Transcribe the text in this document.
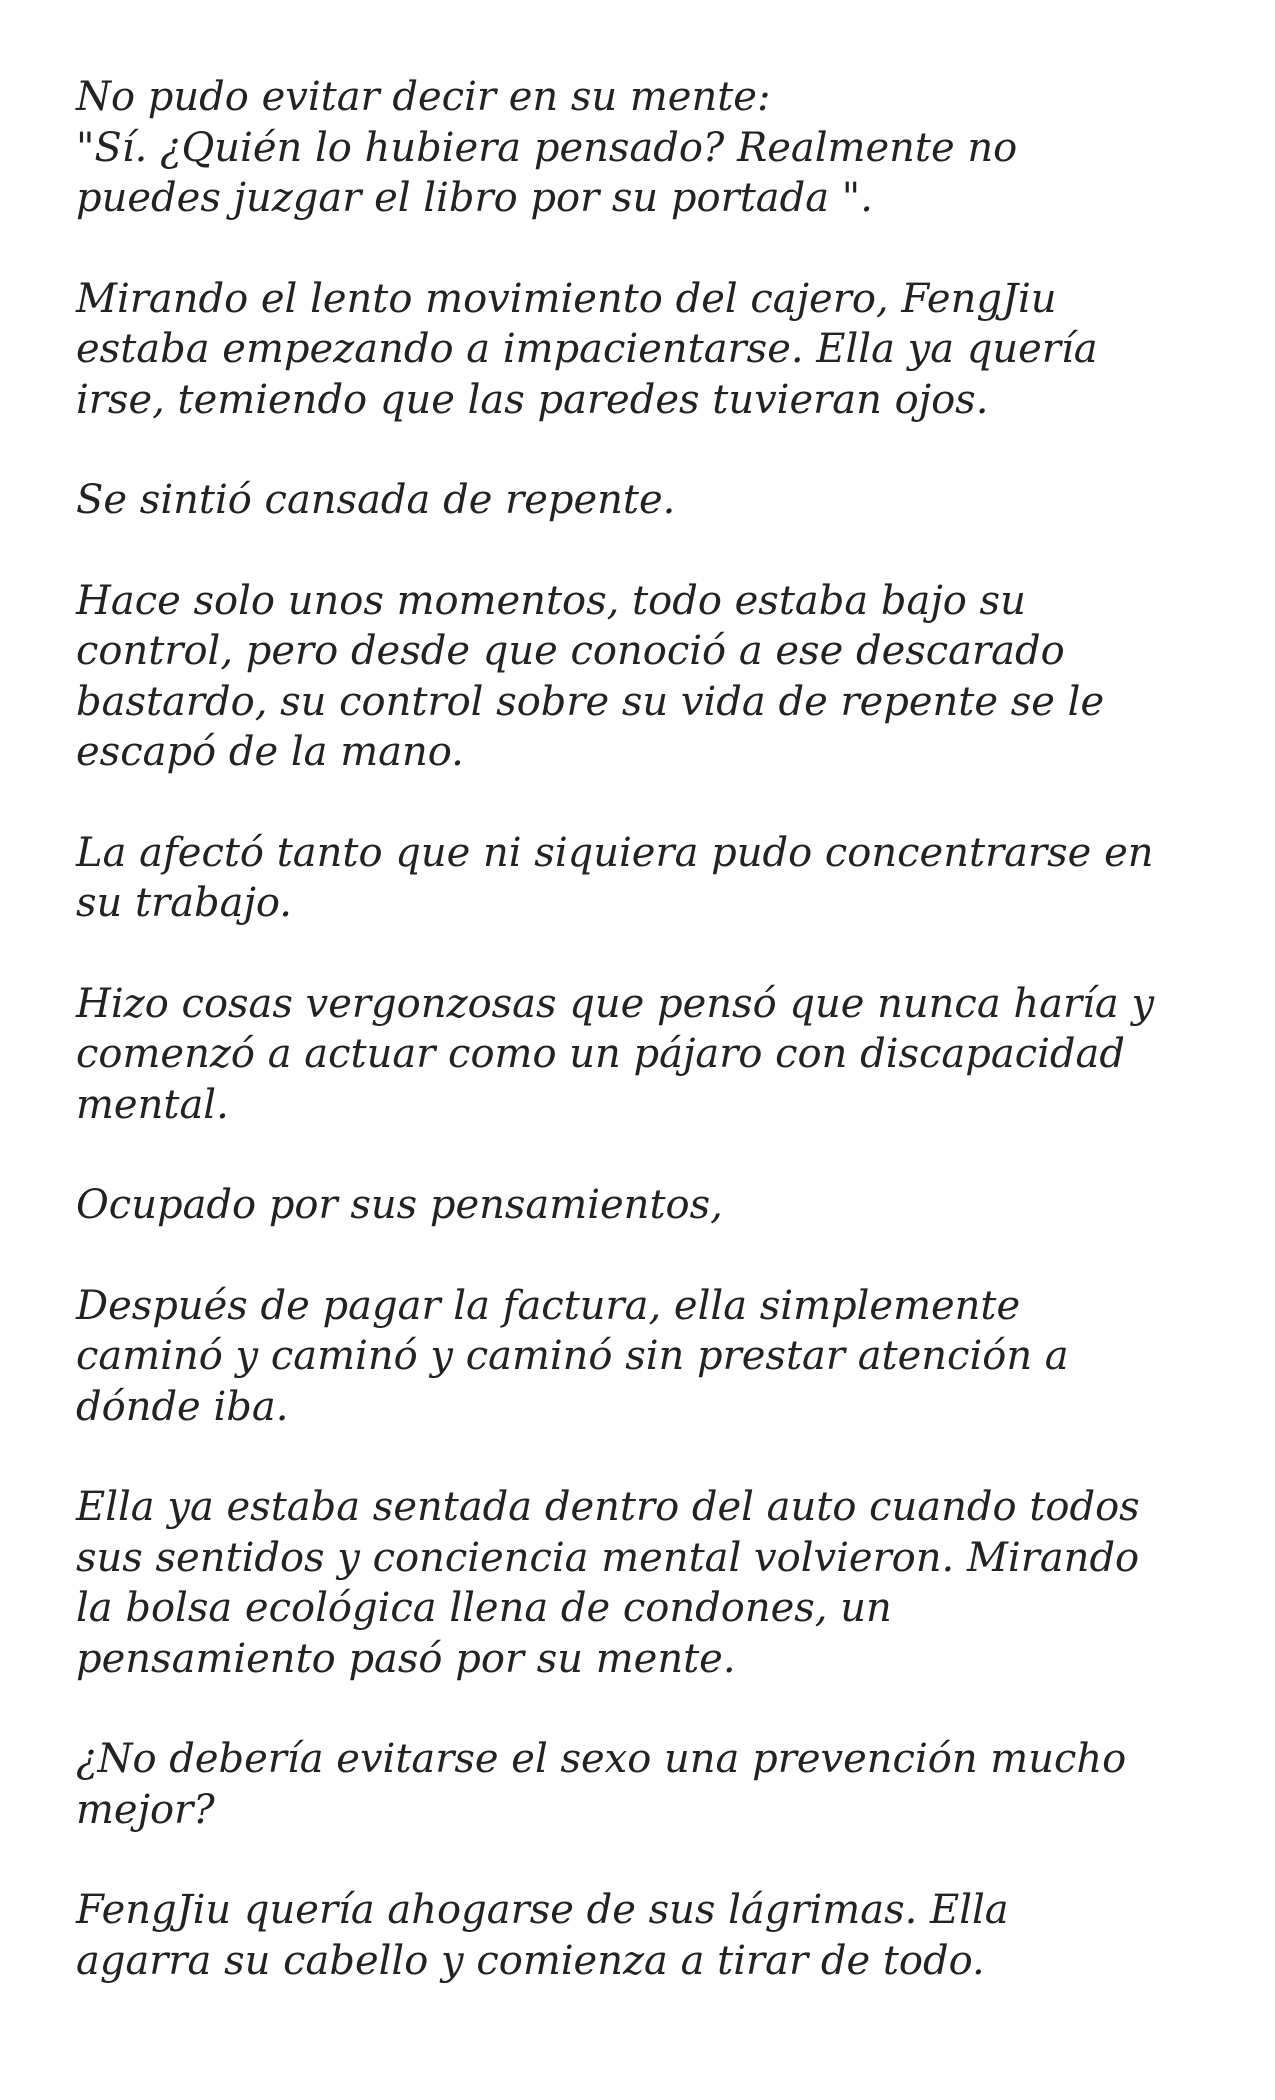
No pudo evitar decir en su mente:
"Sí. ¿Quién lo hubiera pensado? Realmente no
puedes juzgar el libro por su portada ".

Mirando el lento movimiento del cajero, FengJiu
estaba empezando a impacientarse. Ella ya quería
irse, temiendo que las paredes tuvieran ojos.

Se sintió cansada de repente.

Hace solo unos momentos, todo estaba bajo su
control, pero desde que conoció a ese descarado
bastardo, su control sobre su vida de repente se le
escapó de la mano.

La afectó tanto que ni siquiera pudo concentrarse en
su trabajo.

Hizo cosas vergonzosas que pensó que nunca haría y
comenzó a actuar como un pájaro con discapacidad
mental.

Ocupado por sus pensamientos,

Después de pagar la factura, ella simplemente
caminó y caminó y caminó sin prestar atención a
dónde iba.

Ella ya estaba sentada dentro del auto cuando todos
sus sentidos y conciencia mental volvieron. Mirando
la bolsa ecológica llena de condones, un
pensamiento pasó por su mente.

¿No debería evitarse el sexo una prevención mucho
mejor?

FengJiu quería ahogarse de sus lágrimas. Ella
agarra su cabello y comienza a tirar de todo.
